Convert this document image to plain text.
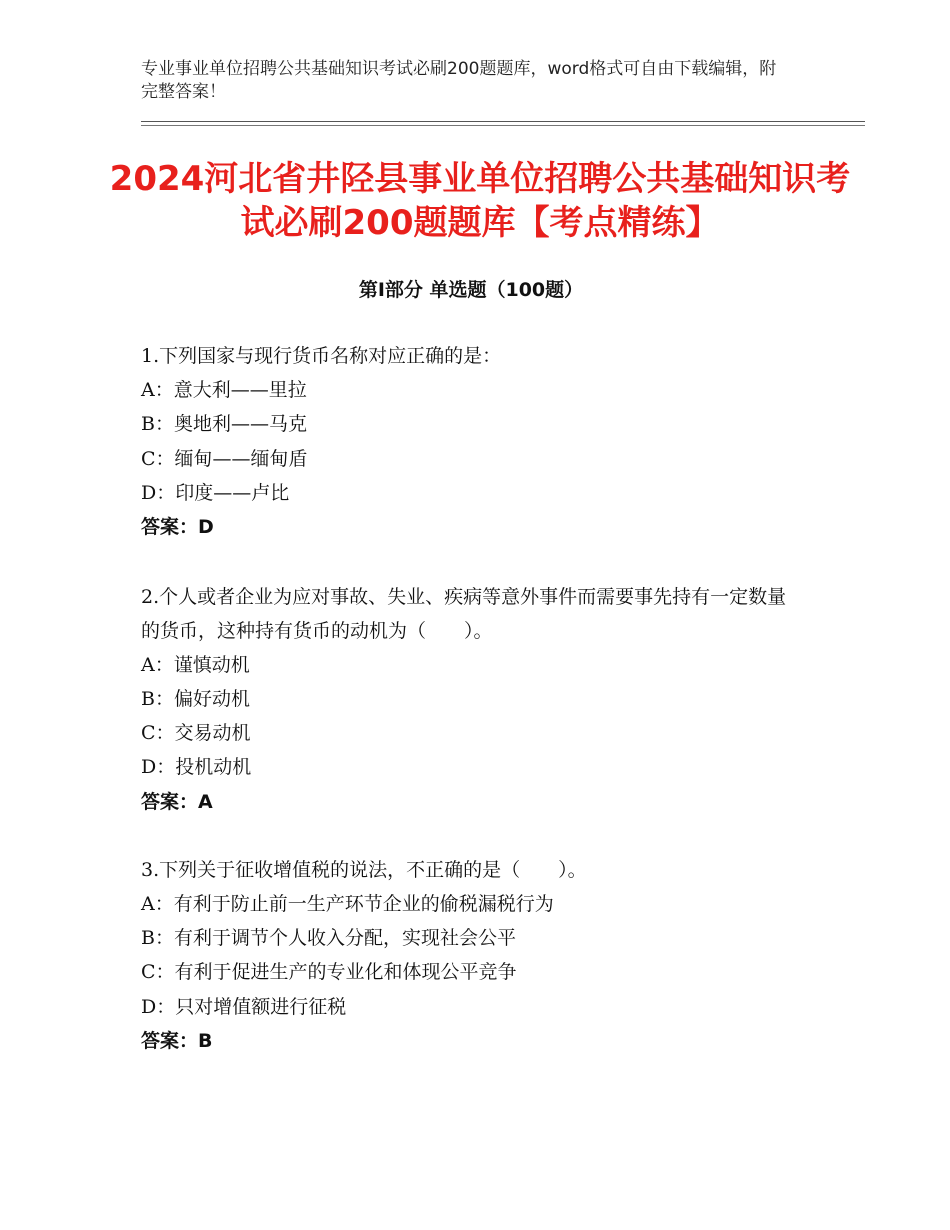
专业事业单位招聘公共基础知识考试必刷200题题库，word格式可自由下载编辑，附完整答案！
2024河北省井陉县事业单位招聘公共基础知识考试必刷200题题库【考点精练】
第Ⅰ部分 单选题（100题）
1.下列国家与现行货币名称对应正确的是：
A：意大利——里拉
B：奥地利——马克
C：缅甸——缅甸盾
D：印度——卢比
答案：D
2.个人或者企业为应对事故、失业、疾病等意外事件而需要事先持有一定数量的货币，这种持有货币的动机为（　　）。
A：谨慎动机
B：偏好动机
C：交易动机
D：投机动机
答案：A
3.下列关于征收增值税的说法，不正确的是（　　）。
A：有利于防止前一生产环节企业的偷税漏税行为
B：有利于调节个人收入分配，实现社会公平
C：有利于促进生产的专业化和体现公平竞争
D：只对增值额进行征税
答案：B
